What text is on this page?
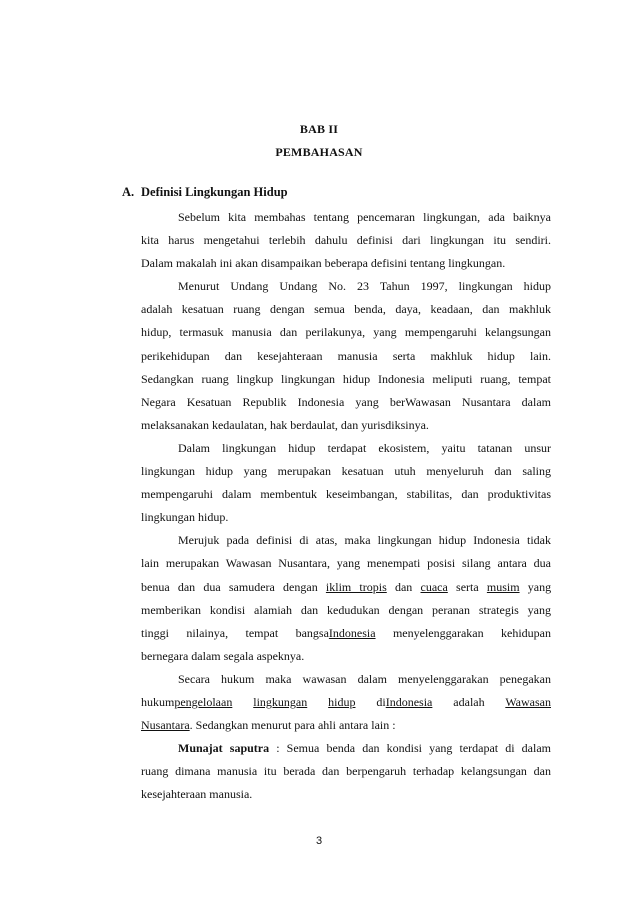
BAB II
PEMBAHASAN
A. Definisi Lingkungan Hidup
Sebelum kita membahas tentang pencemaran lingkungan, ada baiknya
kita harus mengetahui terlebih dahulu definisi dari lingkungan itu sendiri.
Dalam makalah ini akan disampaikan beberapa defisini tentang lingkungan.
Menurut Undang Undang No. 23 Tahun 1997, lingkungan hidup
adalah kesatuan ruang dengan semua benda, daya, keadaan, dan makhluk
hidup, termasuk manusia dan perilakunya, yang mempengaruhi kelangsungan
perikehidupan dan kesejahteraan manusia serta makhluk hidup lain.
Sedangkan ruang lingkup lingkungan hidup Indonesia meliputi ruang, tempat
Negara Kesatuan Republik Indonesia yang berWawasan Nusantara dalam
melaksanakan kedaulatan, hak berdaulat, dan yurisdiksinya.
Dalam lingkungan hidup terdapat ekosistem, yaitu tatanan unsur
lingkungan hidup yang merupakan kesatuan utuh menyeluruh dan saling
mempengaruhi dalam membentuk keseimbangan, stabilitas, dan produktivitas
lingkungan hidup.
Merujuk pada definisi di atas, maka lingkungan hidup Indonesia tidak
lain merupakan Wawasan Nusantara, yang menempati posisi silang antara dua
benua dan dua samudera dengan iklim tropis dan cuaca serta musim yang
memberikan kondisi alamiah dan kedudukan dengan peranan strategis yang
tinggi nilainya, tempat bangsaIndonesia menyelenggarakan kehidupan
bernegara dalam segala aspeknya.
Secara hukum maka wawasan dalam menyelenggarakan penegakan
hukumpengelolaan lingkungan hidup diIndonesia adalah Wawasan
Nusantara. Sedangkan menurut para ahli antara lain :
Munajat saputra : Semua benda dan kondisi yang terdapat di dalam
ruang dimana manusia itu berada dan berpengaruh terhadap kelangsungan dan
kesejahteraan manusia.
3
